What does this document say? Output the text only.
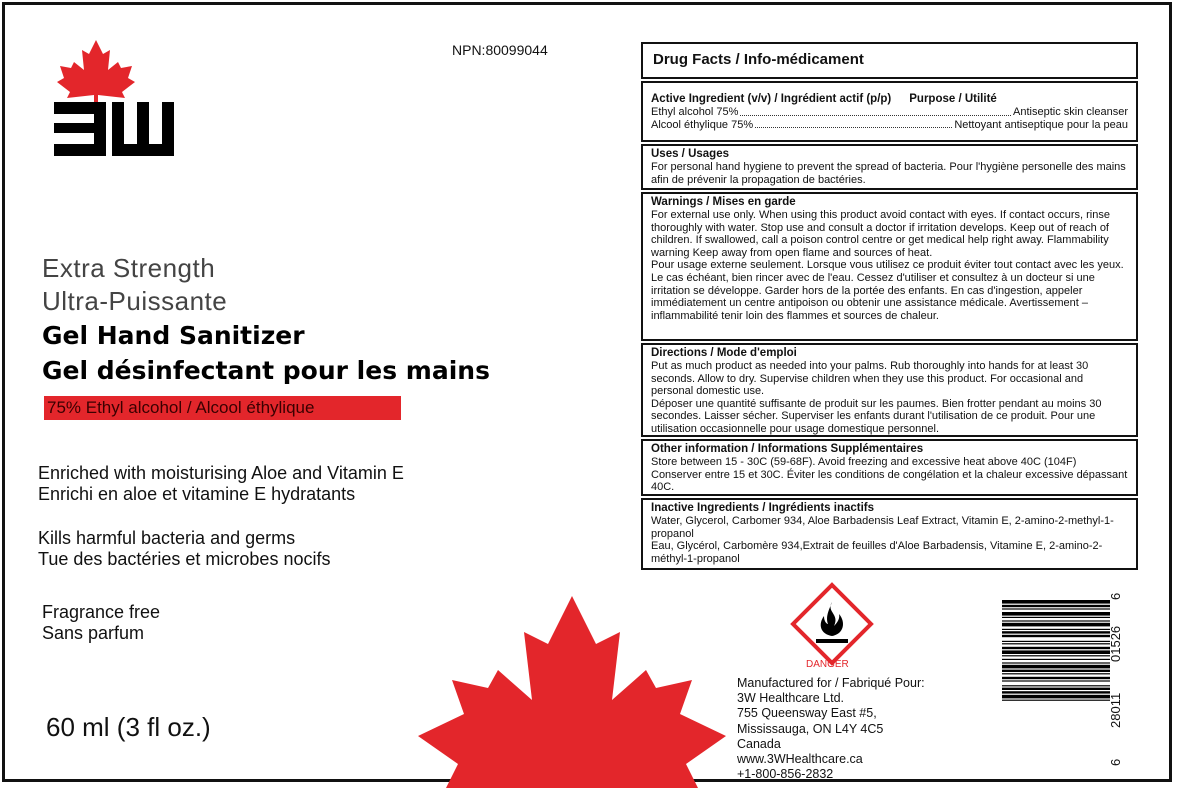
NPN:80099044
Extra Strength
Ultra-Puissante
Gel Hand Sanitizer
Gel désinfectant pour les mains
75% Ethyl alcohol / Alcool éthylique
Enriched with moisturising Aloe and Vitamin E
Enrichi en aloe et vitamine E hydratants
Kills harmful bacteria and germs
Tue des bactéries et microbes nocifs
Fragrance free
Sans parfum
60 ml (3 fl oz.)
Drug Facts / Info-médicament
Active Ingredient (v/v) / Ingrédient actif (p/p) Purpose / Utilité
Ethyl alcohol 75%	Antiseptic skin cleanser
Alcool éthylique 75%	Nettoyant antiseptique pour la peau
Uses / Usages

For personal hand hygiene to prevent the spread of bacteria. Pour l'hygiène personelle des mains afin de prévenir la propagation de bactéries.

Warnings / Mises en garde

For external use only. When using this product avoid contact with eyes. If contact occurs, rinse thoroughly with water. Stop use and consult a doctor if irritation develops. Keep out of reach of children. If swallowed, call a poison control centre or get medical help right away. Flammability warning Keep away from open flame and sources of heat.

Pour usage externe seulement. Lorsque vous utilisez ce produit éviter tout contact avec les yeux. Le cas échéant, bien rincer avec de l'eau. Cessez d'utiliser et consultez à un docteur si une irritation se développe. Garder hors de la portée des enfants. En cas d'ingestion, appeler immédiatement un centre antipoison ou obtenir une assistance médicale. Avertissement – inflammabilité tenir loin des flammes et sources de chaleur.

Directions / Mode d'emploi

Put as much product as needed into your palms. Rub thoroughly into hands for at least 30 seconds. Allow to dry. Supervise children when they use this product. For occasional and personal domestic use.

Déposer une quantité suffisante de produit sur les paumes. Bien frotter pendant au moins 30 secondes. Laisser sécher. Superviser les enfants durant l'utilisation de ce produit. Pour une utilisation occasionnelle pour usage domestique personnel.

Other information / Informations Supplémentaires

Store between 15 - 30C (59-68F). Avoid freezing and excessive heat above 40C (104F)

Conserver entre 15 et 30C. Éviter les conditions de congélation et la chaleur excessive dépassant 40C.

Inactive Ingredients / Ingrédients inactifs

Water, Glycerol, Carbomer 934, Aloe Barbadensis Leaf Extract, Vitamin E, 2-amino-2-methyl-1-propanol

Eau, Glycérol, Carbomère 934,Extrait de feuilles d'Aloe Barbadensis, Vitamine E, 2-amino-2-méthyl-1-propanol

DANGER
Manufactured for / Fabriqué Pour:
3W Healthcare Ltd.
755 Queensway East #5,
Mississauga, ON L4Y 4C5
Canada
www.3WHealthcare.ca
+1-800-856-2832
6
01526
28011
6
